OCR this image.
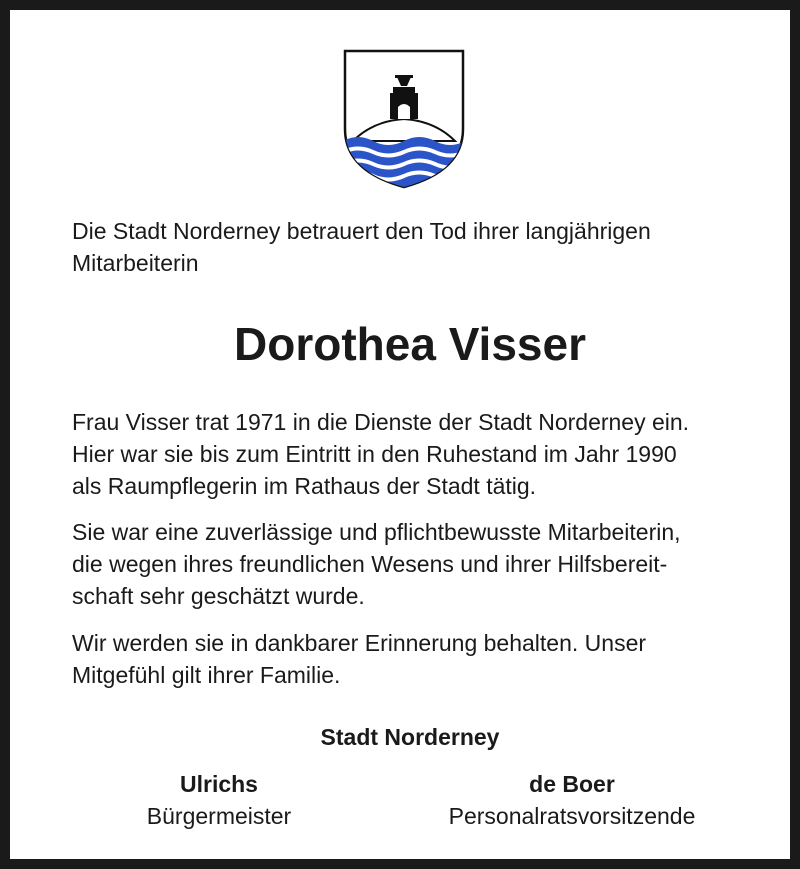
Die Stadt Norderney betrauert den Tod ihrer langjährigen
Mitarbeiterin
Dorothea Visser
Frau Visser trat 1971 in die Dienste der Stadt Norderney ein.
Hier war sie bis zum Eintritt in den Ruhestand im Jahr 1990
als Raumpflegerin im Rathaus der Stadt tätig.
Sie war eine zuverlässige und pflichtbewusste Mitarbeiterin,
die wegen ihres freundlichen Wesens und ihrer Hilfsbereit-
schaft sehr geschätzt wurde.
Wir werden sie in dankbarer Erinnerung behalten. Unser
Mitgefühl gilt ihrer Familie.
Stadt Norderney
Ulrichs
Bürgermeister
de Boer
Personalratsvorsitzende
